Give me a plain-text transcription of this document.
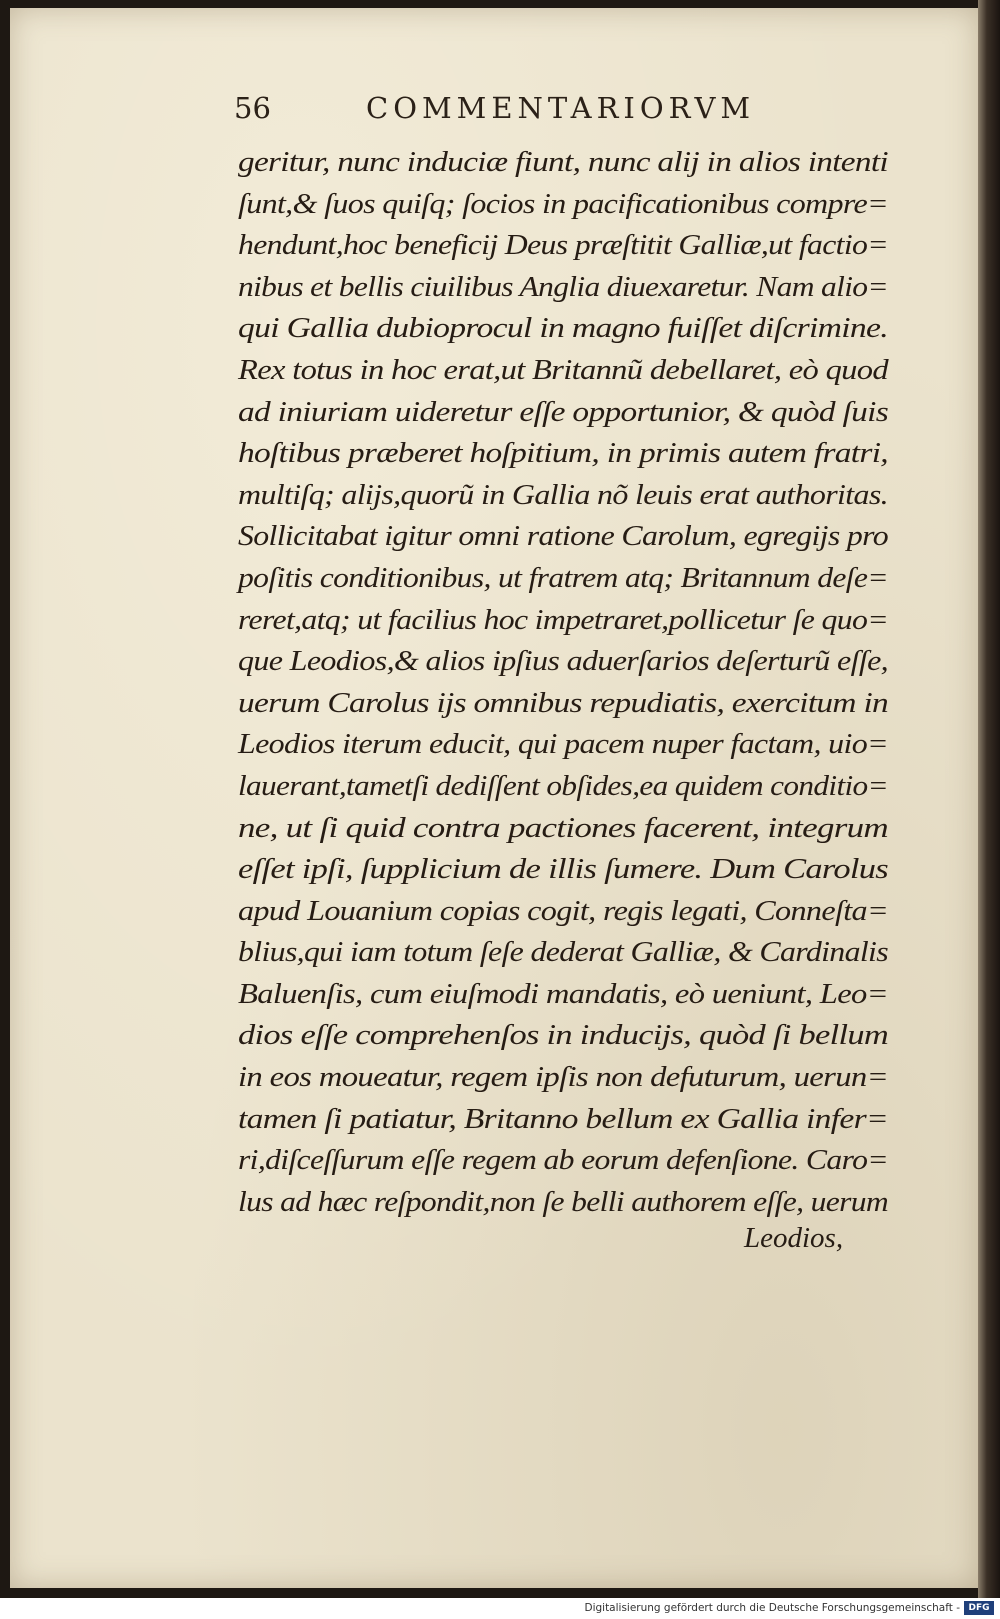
56	COMMENTARIORVM
geritur, nunc induciæ fiunt, nunc alij in alios intenti
ſunt,& ſuos quiſq; ſocios in pacificationibus compre=
hendunt,hoc beneficij Deus præſtitit Galliæ,ut factio=
nibus et bellis ciuilibus Anglia diuexaretur. Nam alio=
qui Gallia dubioprocul in magno fuiſſet diſcrimine.
Rex totus in hoc erat,ut Britannũ debellaret, eò quod
ad iniuriam uideretur eſſe opportunior, & quòd ſuis
hoſtibus præberet hoſpitium, in primis autem fratri,
multiſq; alijs,quorũ in Gallia nõ leuis erat authoritas.
Sollicitabat igitur omni ratione Carolum, egregijs pro
poſitis conditionibus, ut fratrem atq; Britannum deſe=
reret,atq; ut facilius hoc impetraret,pollicetur ſe quo=
que Leodios,& alios ipſius aduerſarios deſerturũ eſſe,
uerum Carolus ijs omnibus repudiatis, exercitum in
Leodios iterum educit, qui pacem nuper factam, uio=
lauerant,tametſi dediſſent obſides,ea quidem conditio=
ne, ut ſi quid contra pactiones facerent, integrum
eſſet ipſi, ſupplicium de illis ſumere. Dum Carolus
apud Louanium copias cogit, regis legati, Conneſta=
blius,qui iam totum ſeſe dederat Galliæ, & Cardinalis
Baluenſis, cum eiuſmodi mandatis, eò ueniunt, Leo=
dios eſſe comprehenſos in inducijs, quòd ſi bellum
in eos moueatur, regem ipſis non defuturum, uerun=
tamen ſi patiatur, Britanno bellum ex Gallia infer=
ri,diſceſſurum eſſe regem ab eorum defenſione. Caro=
lus ad hæc reſpondit,non ſe belli authorem eſſe, uerum
Leodios,
Digitalisierung gefördert durch die Deutsche Forschungsgemeinschaft - DFG
